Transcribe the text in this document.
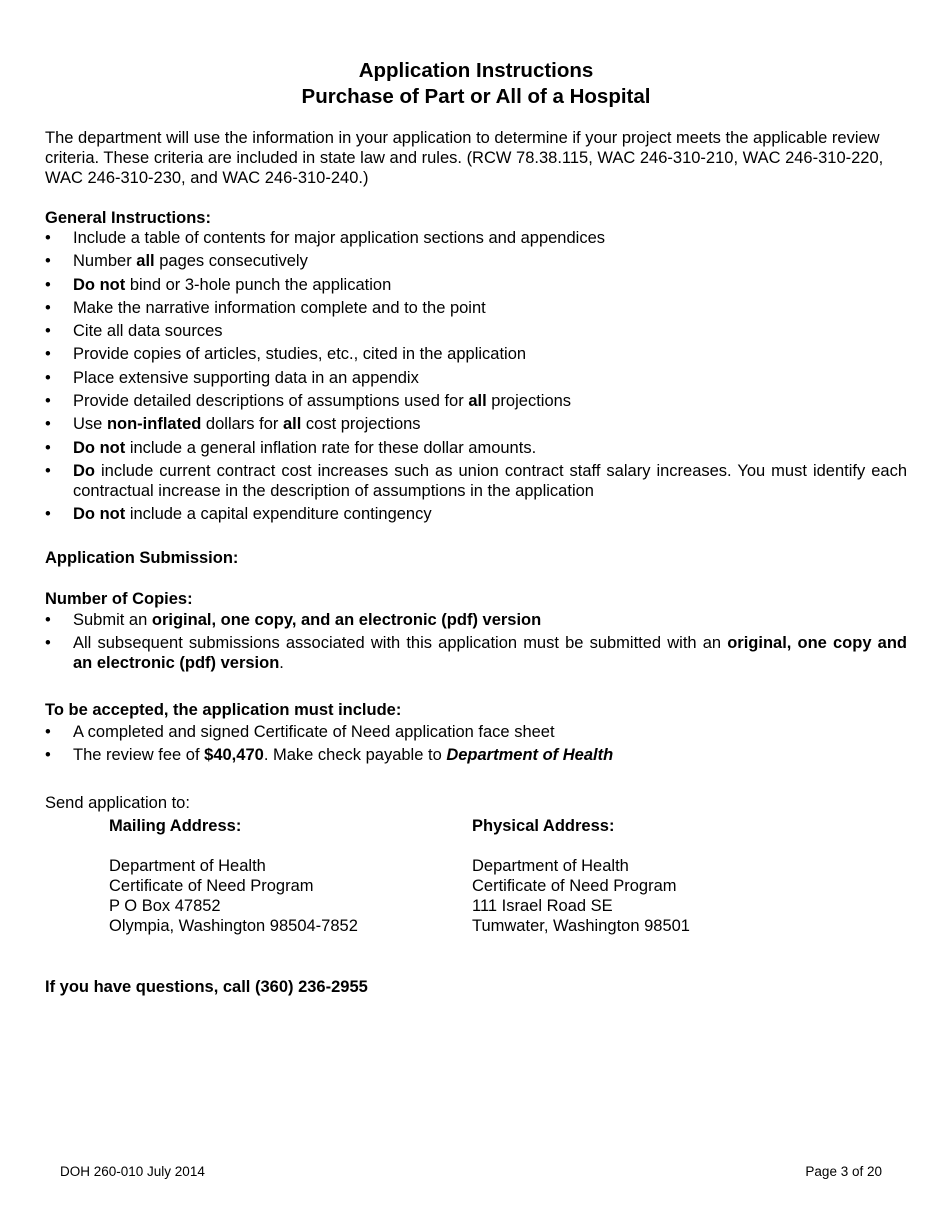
Application Instructions
Purchase of Part or All of a Hospital
The department will use the information in your application to determine if your project meets the applicable review criteria. These criteria are included in state law and rules. (RCW 78.38.115, WAC 246-310-210, WAC 246-310-220, WAC 246-310-230, and WAC 246-310-240.)
General Instructions:
• Include a table of contents for major application sections and appendices
• Number all pages consecutively
• Do not bind or 3-hole punch the application
• Make the narrative information complete and to the point
• Cite all data sources
• Provide copies of articles, studies, etc., cited in the application
• Place extensive supporting data in an appendix
• Provide detailed descriptions of assumptions used for all projections
• Use non-inflated dollars for all cost projections
• Do not include a general inflation rate for these dollar amounts.
• Do include current contract cost increases such as union contract staff salary increases. You must identify each contractual increase in the description of assumptions in the application
• Do not include a capital expenditure contingency
Application Submission:
Number of Copies:
• Submit an original, one copy, and an electronic (pdf) version
• All subsequent submissions associated with this application must be submitted with an original, one copy and an electronic (pdf) version.
To be accepted, the application must include:
• A completed and signed Certificate of Need application face sheet
• The review fee of $40,470. Make check payable to Department of Health
Send application to:
Mailing Address:
Department of Health
Certificate of Need Program
P O Box 47852
Olympia, Washington 98504-7852
Physical Address:
Department of Health
Certificate of Need Program
111 Israel Road SE
Tumwater, Washington 98501
If you have questions, call (360) 236-2955
DOH 260-010 July 2014	Page 3 of 20
